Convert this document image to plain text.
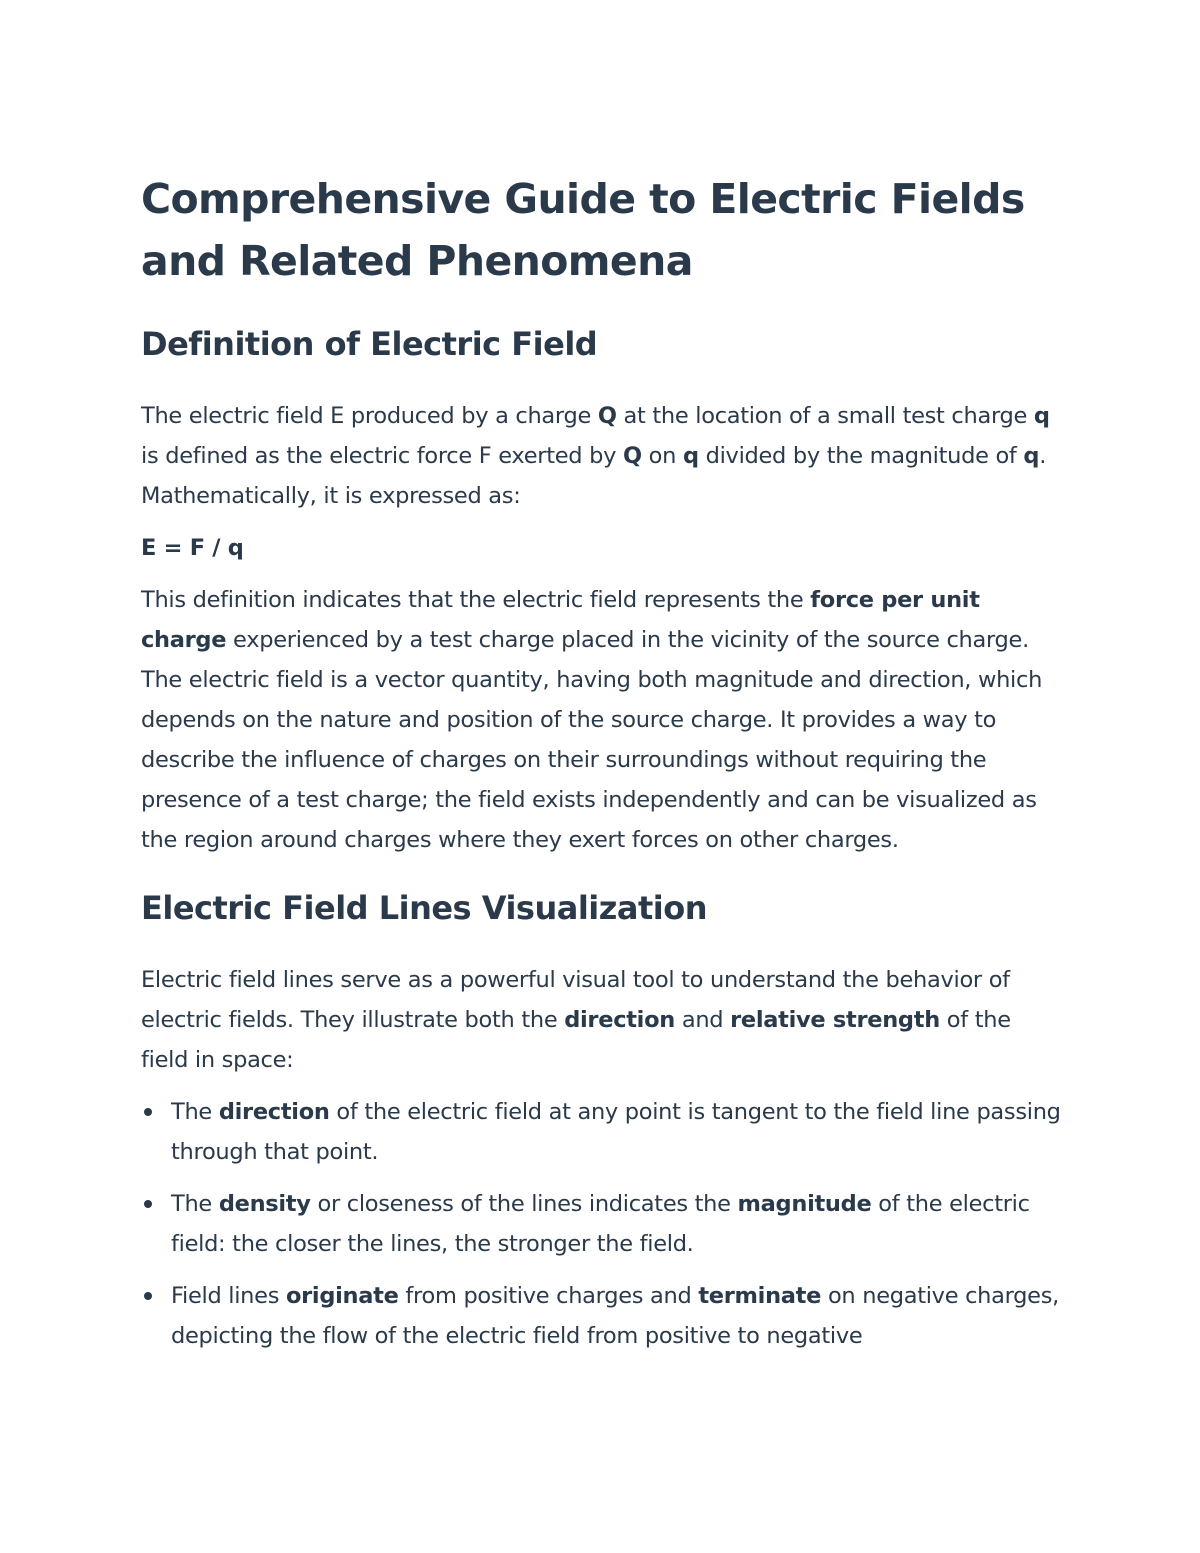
Comprehensive Guide to Electric Fields and Related Phenomena
Definition of Electric Field

The electric field E produced by a charge Q at the location of a small test charge q is defined as the electric force F exerted by Q on q divided by the magnitude of q. Mathematically, it is expressed as:

E = F / q

This definition indicates that the electric field represents the force per unit charge experienced by a test charge placed in the vicinity of the source charge. The electric field is a vector quantity, having both magnitude and direction, which depends on the nature and position of the source charge. It provides a way to describe the influence of charges on their surroundings without requiring the presence of a test charge; the field exists independently and can be visualized as the region around charges where they exert forces on other charges.

Electric Field Lines Visualization

Electric field lines serve as a powerful visual tool to understand the behavior of electric fields. They illustrate both the direction and relative strength of the field in space:

The direction of the electric field at any point is tangent to the field line passing through that point.
The density or closeness of the lines indicates the magnitude of the electric field: the closer the lines, the stronger the field.
Field lines originate from positive charges and terminate on negative charges, depicting the flow of the electric field from positive to negative
